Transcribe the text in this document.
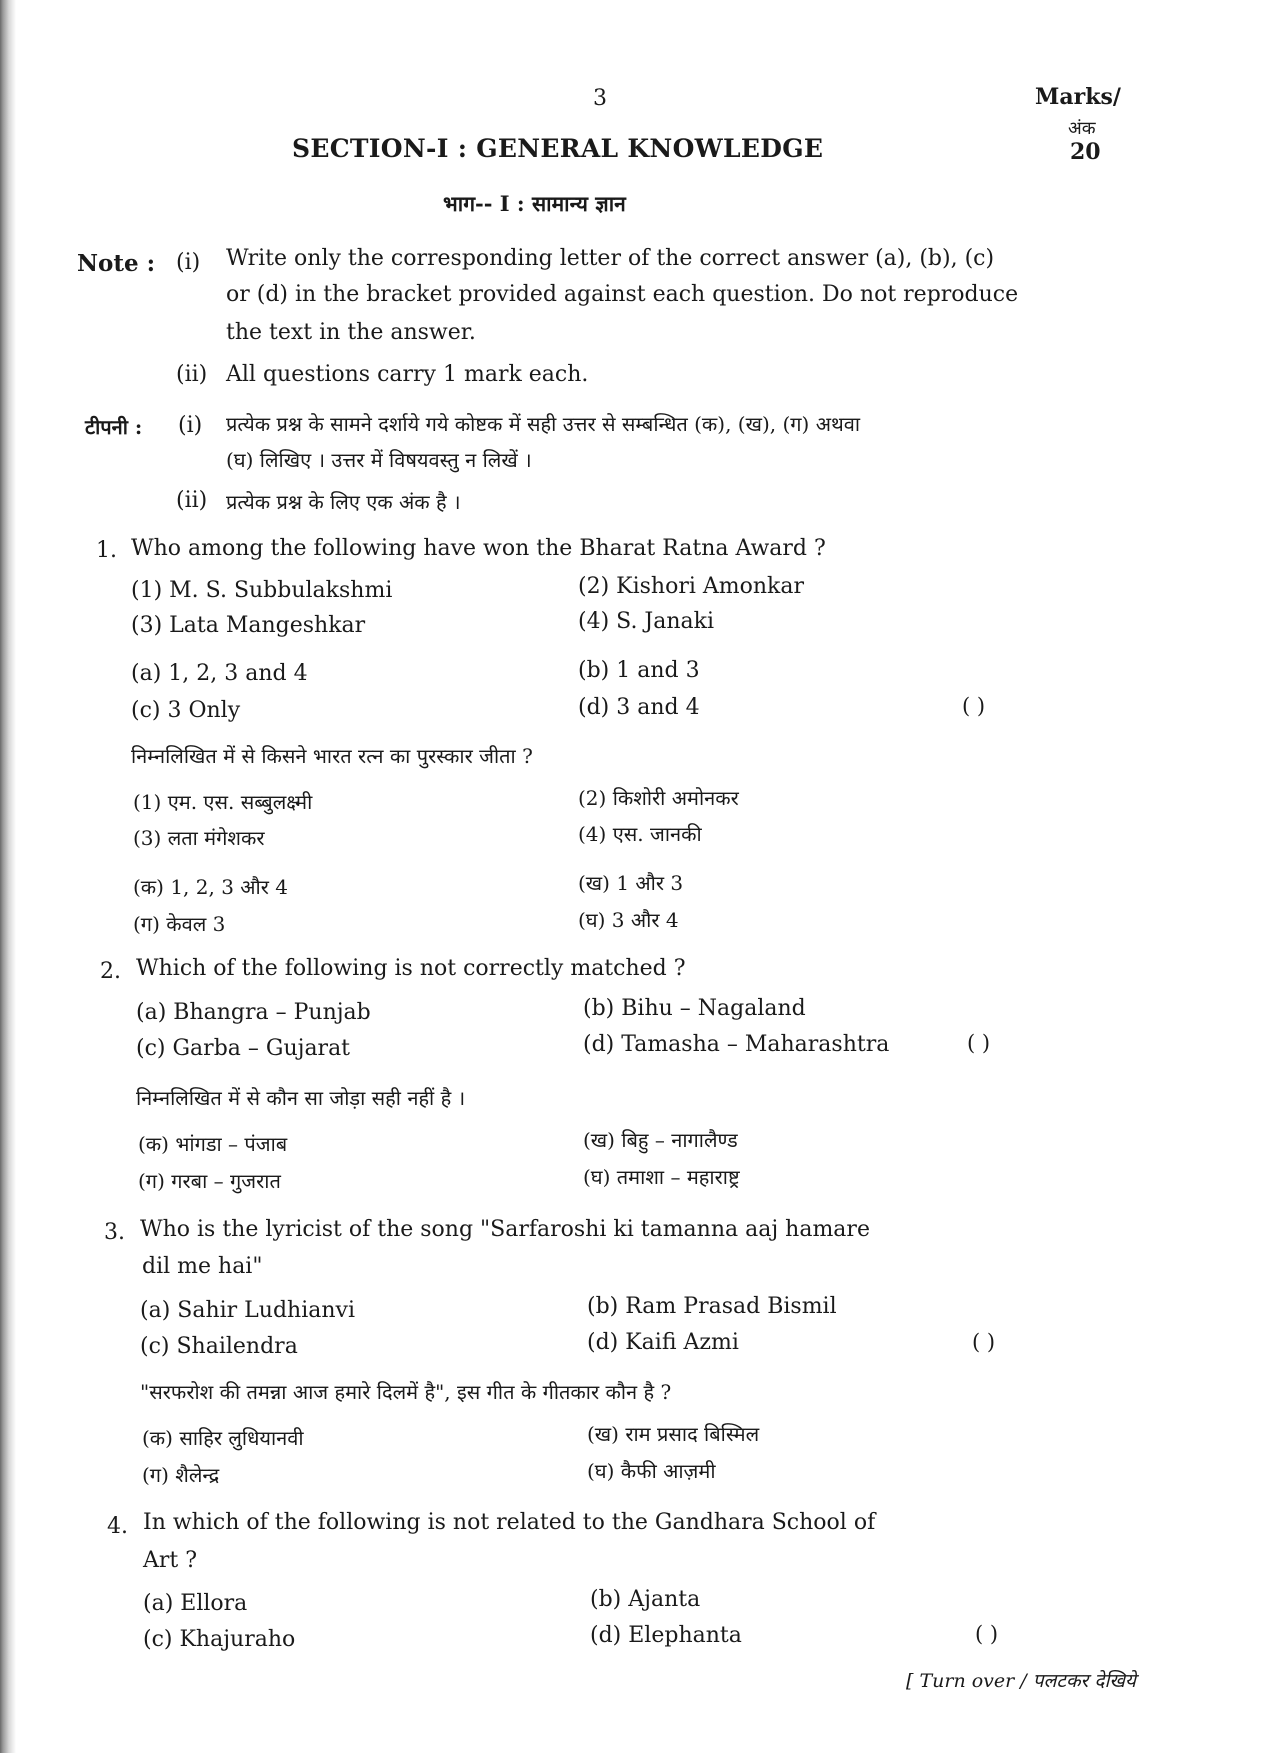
3	Marks/
अंक
20
SECTION-I : GENERAL KNOWLEDGE
भाग-- I : सामान्य ज्ञान
Note : (i) Write only the corresponding letter of the correct answer (a), (b), (c)
or (d) in the bracket provided against each question. Do not reproduce
the text in the answer.
(ii) All questions carry 1 mark each.
टीपनी : (i) प्रत्येक प्रश्न के सामने दर्शाये गये कोष्टक में सही उत्तर से सम्बन्धित (क), (ख), (ग) अथवा
(घ) लिखिए । उत्तर में विषयवस्तु न लिखें ।
(ii) प्रत्येक प्रश्न के लिए एक अंक है ।
1. Who among the following have won the Bharat Ratna Award ?
(1) M. S. Subbulakshmi	(2) Kishori Amonkar
(3) Lata Mangeshkar	(4) S. Janaki
(a) 1, 2, 3 and 4	(b) 1 and 3
(c) 3 Only	(d) 3 and 4	( )
निम्नलिखित में से किसने भारत रत्न का पुरस्कार जीता ?
(1) एम. एस. सब्बुलक्ष्मी	(2) किशोरी अमोनकर
(3) लता मंगेशकर	(4) एस. जानकी
(क) 1, 2, 3 और 4	(ख) 1 और 3
(ग) केवल 3	(घ) 3 और 4
2. Which of the following is not correctly matched ?
(a) Bhangra – Punjab	(b) Bihu – Nagaland
(c) Garba – Gujarat	(d) Tamasha – Maharashtra	( )
निम्नलिखित में से कौन सा जोड़ा सही नहीं है ।
(क) भांगडा – पंजाब	(ख) बिहु – नागालैण्ड
(ग) गरबा – गुजरात	(घ) तमाशा – महाराष्ट्र
3. Who is the lyricist of the song "Sarfaroshi ki tamanna aaj hamare
dil me hai"
(a) Sahir Ludhianvi	(b) Ram Prasad Bismil
(c) Shailendra	(d) Kaifi Azmi	( )
"सरफरोश की तमन्ना आज हमारे दिलमें है", इस गीत के गीतकार कौन है ?
(क) साहिर लुधियानवी	(ख) राम प्रसाद बिस्मिल
(ग) शैलेन्द्र	(घ) कैफी आज़मी
4. In which of the following is not related to the Gandhara School of
Art ?
(a) Ellora	(b) Ajanta
(c) Khajuraho	(d) Elephanta	( )
[ Turn over / पलटकर देखिये
